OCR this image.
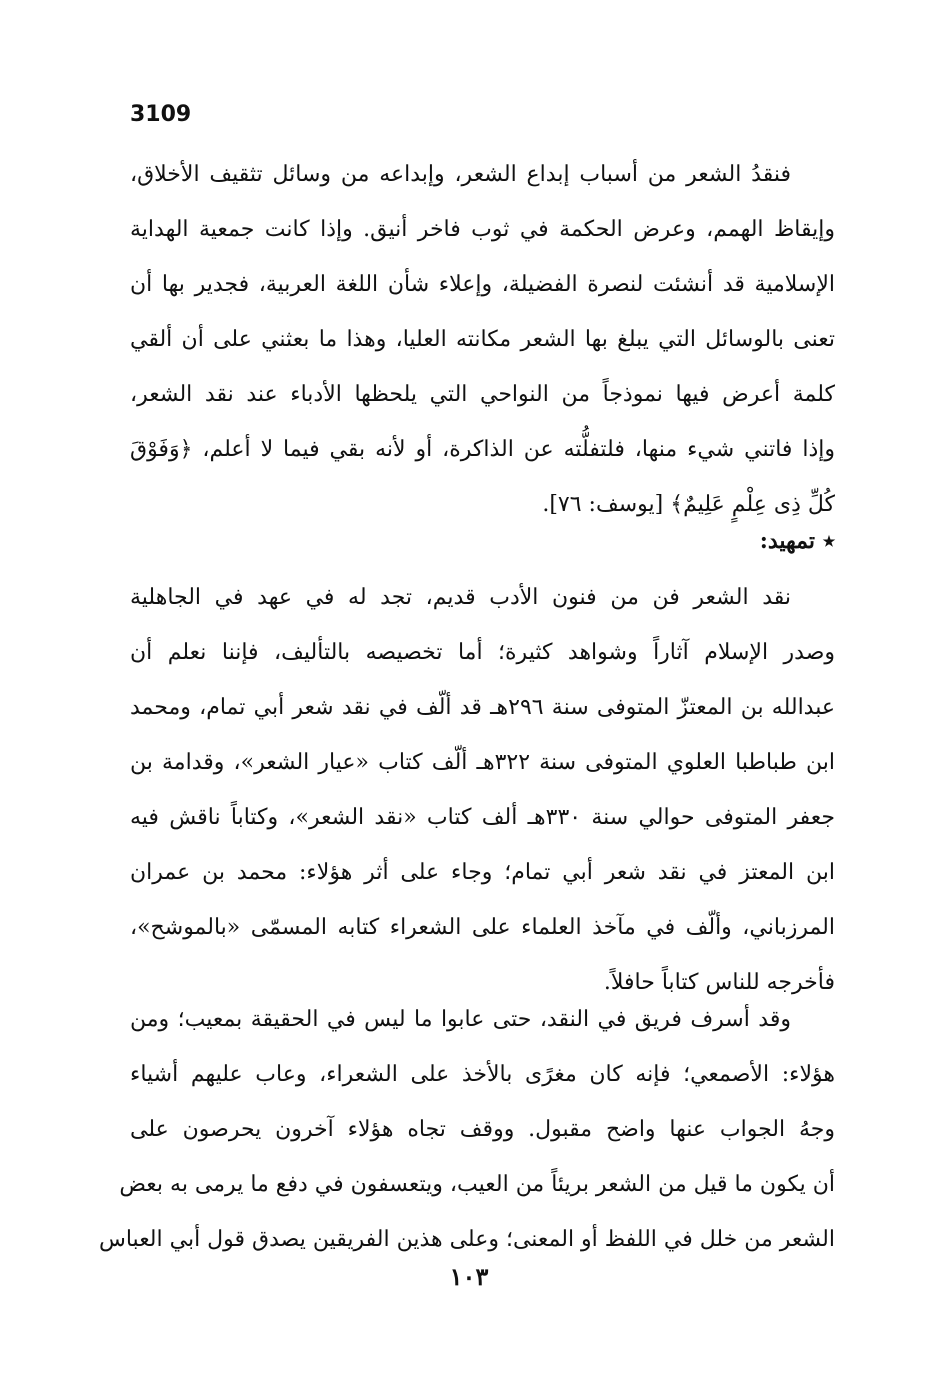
3109
فنقدُ الشعر من أسباب إبداع الشعر، وإبداعه من وسائل تثقيف الأخلاق،
وإيقاظ الهمم، وعرض الحكمة في ثوب فاخر أنيق. وإذا كانت جمعية الهداية
الإسلامية قد أنشئت لنصرة الفضيلة، وإعلاء شأن اللغة العربية، فجدير بها أن
تعنى بالوسائل التي يبلغ بها الشعر مكانته العليا، وهذا ما بعثني على أن ألقي
كلمة أعرض فيها نموذجاً من النواحي التي يلحظها الأدباء عند نقد الشعر،
وإذا فاتني شيء منها، فلتفلُّته عن الذاكرة، أو لأنه بقي فيما لا أعلم، ﴿وَفَوْقَ
كُلِّ ذِى عِلْمٍ عَلِيمٌ﴾ [يوسف: ٧٦].
٭تمهيد:
نقد الشعر فن من فنون الأدب قديم، تجد له في عهد في الجاهلية
وصدر الإسلام آثاراً وشواهد كثيرة؛ أما تخصيصه بالتأليف، فإننا نعلم أن
عبدالله بن المعتزّ المتوفى سنة ٢٩٦هـ قد ألّف في نقد شعر أبي تمام، ومحمد
ابن طباطبا العلوي المتوفى سنة ٣٢٢هـ ألّف كتاب «عيار الشعر»، وقدامة بن
جعفر المتوفى حوالي سنة ٣٣٠هـ ألف كتاب «نقد الشعر»، وكتاباً ناقش فيه
ابن المعتز في نقد شعر أبي تمام؛ وجاء على أثر هؤلاء: محمد بن عمران
المرزباني، وألّف في مآخذ العلماء على الشعراء كتابه المسمّى «بالموشح»،
فأخرجه للناس كتاباً حافلاً.
وقد أسرف فريق في النقد، حتى عابوا ما ليس في الحقيقة بمعيب؛ ومن
هؤلاء: الأصمعي؛ فإنه كان مغرًى بالأخذ على الشعراء، وعاب عليهم أشياء
وجهُ الجواب عنها واضح مقبول. ووقف تجاه هؤلاء آخرون يحرصون على
أن يكون ما قيل من الشعر بريئاً من العيب، ويتعسفون في دفع ما يرمى به بعض
الشعر من خلل في اللفظ أو المعنى؛ وعلى هذين الفريقين يصدق قول أبي العباس
١٠٣
